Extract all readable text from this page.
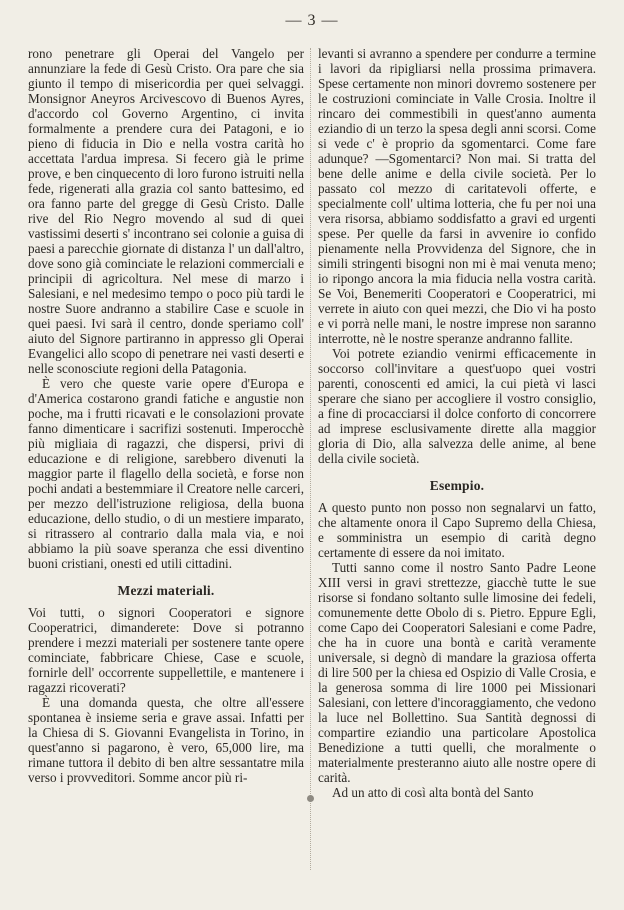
— 3 —

rono penetrare gli Operai del Vangelo per annunziare la fede di Gesù Cristo. Ora pare che sia giunto il tempo di misericordia per quei selvaggi. Monsignor Aneyros Arcivescovo di Buenos Ayres, d'accordo col Governo Argentino, ci invita formalmente a prendere cura dei Patagoni, e io pieno di fiducia in Dio e nella vostra carità ho accettata l'ardua impresa. Si fecero già le prime prove, e ben cinquecento di loro furono istruiti nella fede, rigenerati alla grazia col santo battesimo, ed ora fanno parte del gregge di Gesù Cristo. Dalle rive del Rio Negro movendo al sud di quei vastissimi deserti s' incontrano sei colonie a guisa di paesi a parecchie giornate di distanza l' un dall'altro, dove sono già cominciate le relazioni commerciali e principii di agricoltura. Nel mese di marzo i Salesiani, e nel medesimo tempo o poco più tardi le nostre Suore andranno a stabilire Case e scuole in quei paesi. Ivi sarà il centro, donde speriamo coll' aiuto del Signore partiranno in appresso gli Operai Evangelici allo scopo di penetrare nei vasti deserti e nelle sconosciute regioni della Patagonia.

È vero che queste varie opere d'Europa e d'America costarono grandi fatiche e angustie non poche, ma i frutti ricavati e le consolazioni provate fanno dimenticare i sacrifizi sostenuti. Imperocchè più migliaia di ragazzi, che dispersi, privi di educazione e di religione, sarebbero divenuti la maggior parte il flagello della società, e forse non pochi andati a bestemmiare il Creatore nelle carceri, per mezzo dell'istruzione religiosa, della buona educazione, dello studio, o di un mestiere imparato, si ritrassero al contrario dalla mala via, e noi abbiamo la più soave speranza che essi diventino buoni cristiani, onesti ed utili cittadini.

Mezzi materiali.

Voi tutti, o signori Cooperatori e signore Cooperatrici, dimanderete: Dove si potranno prendere i mezzi materiali per sostenere tante opere cominciate, fabbricare Chiese, Case e scuole, fornirle dell' occorrente suppellettile, e mantenere i ragazzi ricoverati?

È una domanda questa, che oltre all'essere spontanea è insieme seria e grave assai. Infatti per la Chiesa di S. Giovanni Evangelista in Torino, in quest'anno si pagarono, è vero, 65,000 lire, ma rimane tuttora il debito di ben altre sessantatre mila verso i provveditori. Somme ancor più ri-

levanti si avranno a spendere per condurre a termine i lavori da ripigliarsi nella prossima primavera. Spese certamente non minori dovremo sostenere per le costruzioni cominciate in Valle Crosia. Inoltre il rincaro dei commestibili in quest'anno aumenta eziandio di un terzo la spesa degli anni scorsi. Come si vede c' è proprio da sgomentarci. Come fare adunque? —Sgomentarci? Non mai. Si tratta del bene delle anime e della civile società. Per lo passato col mezzo di caritatevoli offerte, e specialmente coll' ultima lotteria, che fu per noi una vera risorsa, abbiamo soddisfatto a gravi ed urgenti spese. Per quelle da farsi in avvenire io confido pienamente nella Provvidenza del Signore, che in simili stringenti bisogni non mi è mai venuta meno; io ripongo ancora la mia fiducia nella vostra carità. Se Voi, Benemeriti Cooperatori e Cooperatrici, mi verrete in aiuto con quei mezzi, che Dio vi ha posto e vi porrà nelle mani, le nostre imprese non saranno interrotte, nè le nostre speranze andranno fallite.

Voi potrete eziandio venirmi efficacemente in soccorso coll'invitare a quest'uopo quei vostri parenti, conoscenti ed amici, la cui pietà vi lasci sperare che siano per accogliere il vostro consiglio, a fine di procacciarsi il dolce conforto di concorrere ad imprese esclusivamente dirette alla maggior gloria di Dio, alla salvezza delle anime, al bene della civile società.

Esempio.

A questo punto non posso non segnalarvi un fatto, che altamente onora il Capo Supremo della Chiesa, e somministra un esempio di carità degno certamente di essere da noi imitato.

Tutti sanno come il nostro Santo Padre Leone XIII versi in gravi strettezze, giacchè tutte le sue risorse si fondano soltanto sulle limosine dei fedeli, comunemente dette Obolo di s. Pietro. Eppure Egli, come Capo dei Cooperatori Salesiani e come Padre, che ha in cuore una bontà e carità veramente universale, si degnò di mandare la graziosa offerta di lire 500 per la chiesa ed Ospizio di Valle Crosia, e la generosa somma di lire 1000 pei Missionari Salesiani, con lettere d'incoraggiamento, che vedono la luce nel Bollettino. Sua Santità degnossi di compartire eziandio una particolare Apostolica Benedizione a tutti quelli, che moralmente o materialmente presteranno aiuto alle nostre opere di carità.

Ad un atto di così alta bontà del Santo
